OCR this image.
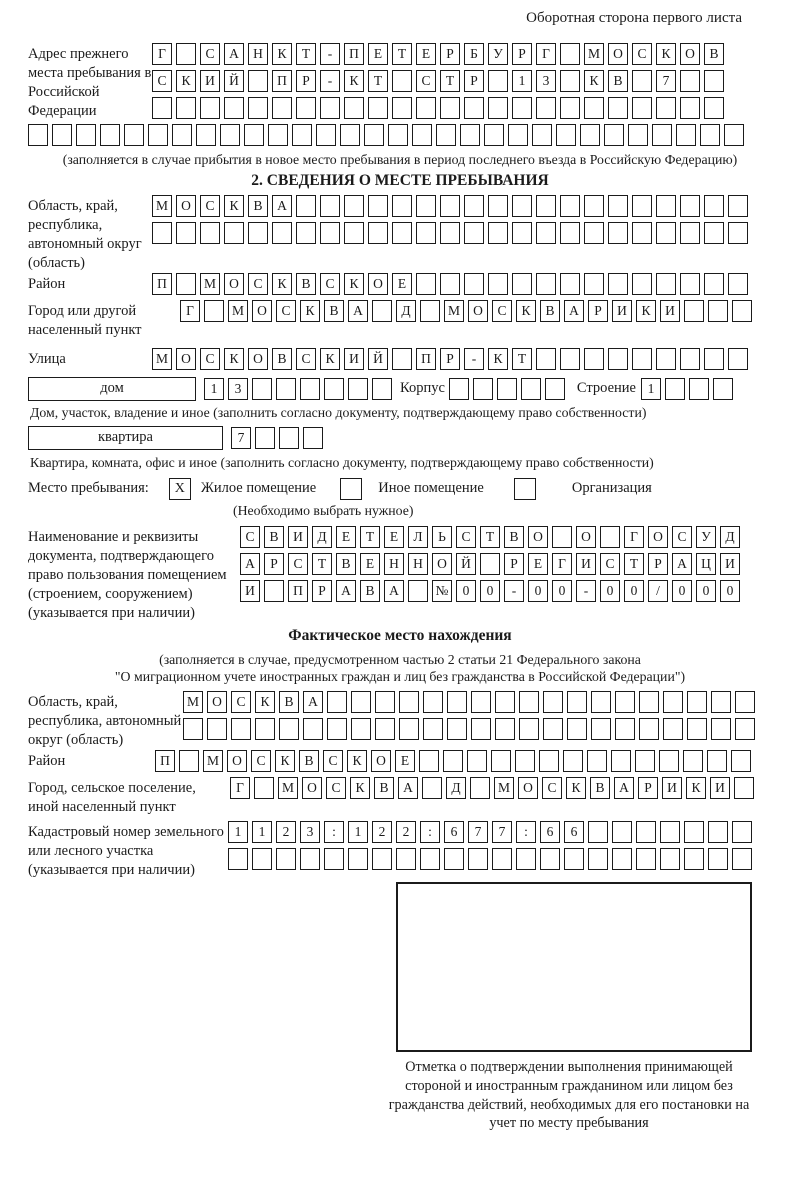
Оборотная сторона первого листа
Адрес прежнего места пребывания в Российской Федерации
Г	С	А	Н	К	Т	-	П	Е	Т	Е	Р	Б	У	Р	Г	М О	С	К	О	В
С	К	И	Й	П	Р	-	К	Т	С	Т	Р	1	3	К	В	7
(заполняется в случае прибытия в новое место пребывания в период последнего въезда в Российскую Федерацию)
2. СВЕДЕНИЯ О МЕСТЕ ПРЕБЫВАНИЯ
Область, край, республика, автономный округ (область)
М О	С	К	В	А
Район	П	М О	С	К	В	С	К	О	Е
Город или другой населенный пункт
Г	М О	С	К	В	А	Д	М О	С	К	В	А	Р	И	К	И
Улица	М О	С	К	О	В	С	К	И	Й	П	Р	-	К	Т
дом	1	3	Корпус	Строение 1
Дом, участок, владение и иное (заполнить согласно документу, подтверждающему право собственности)
квартира	7
Квартира, комната, офис и иное (заполнить согласно документу, подтверждающему право собственности)
Место пребывания:	X	Жилое помещение	Иное помещение	Организация
(Необходимо выбрать нужное)
Наименование и реквизиты документа, подтверждающего право пользования помещением (строением, сооружением) (указывается при наличии)
С	В	И	Д	Е	Т	Е	Л	Ь	С	Т	В	О	О	Г	О	С	У	Д
А	Р	С	Т	В	Е	Н	Н	О	Й	Р	Е	Г	И	С	Т	Р	А	Ц	И
И	П	Р	А	В	А	№	0	0	-	0	0	-	0	0	/	0	0	0
Фактическое место нахождения
(заполняется в случае, предусмотренном частью 2 статьи 21 Федерального закона
"О миграционном учете иностранных граждан и лиц без гражданства в Российской Федерации")
Область, край, республика, автономный округ (область)
М О	С	К	В	А
Район	П	М О	С	К	В	С	К	О	Е
Город, сельское поселение, иной населенный пункт
Г	М О	С	К	В	А	Д	М О	С	К	В	А	Р	И	К	И
Кадастровый номер земельного или лесного участка (указывается при наличии)
1	1	2	3	:	1	2	2	:	6	7	7	:	6	6
Отметка о подтверждении выполнения принимающей стороной и иностранным гражданином или лицом без гражданства действий, необходимых для его постановки на учет по месту пребывания
